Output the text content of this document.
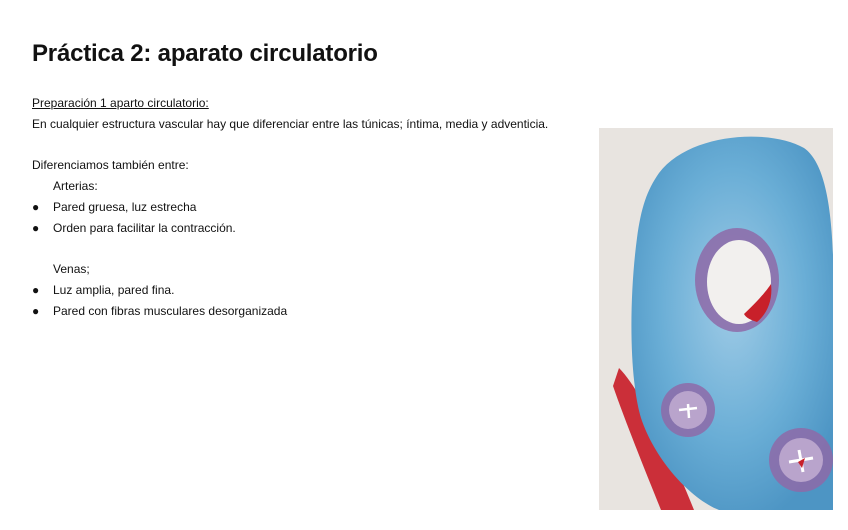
Práctica 2: aparato circulatorio
Preparación 1 aparto circulatorio:
En cualquier estructura vascular hay que diferenciar entre las túnicas; íntima, media y adventicia.
Diferenciamos también entre:
Arterias:
● Pared gruesa, luz estrecha
● Orden para facilitar la contracción.
Venas;
● Luz amplia, pared fina.
● Pared con fibras musculares desorganizada
